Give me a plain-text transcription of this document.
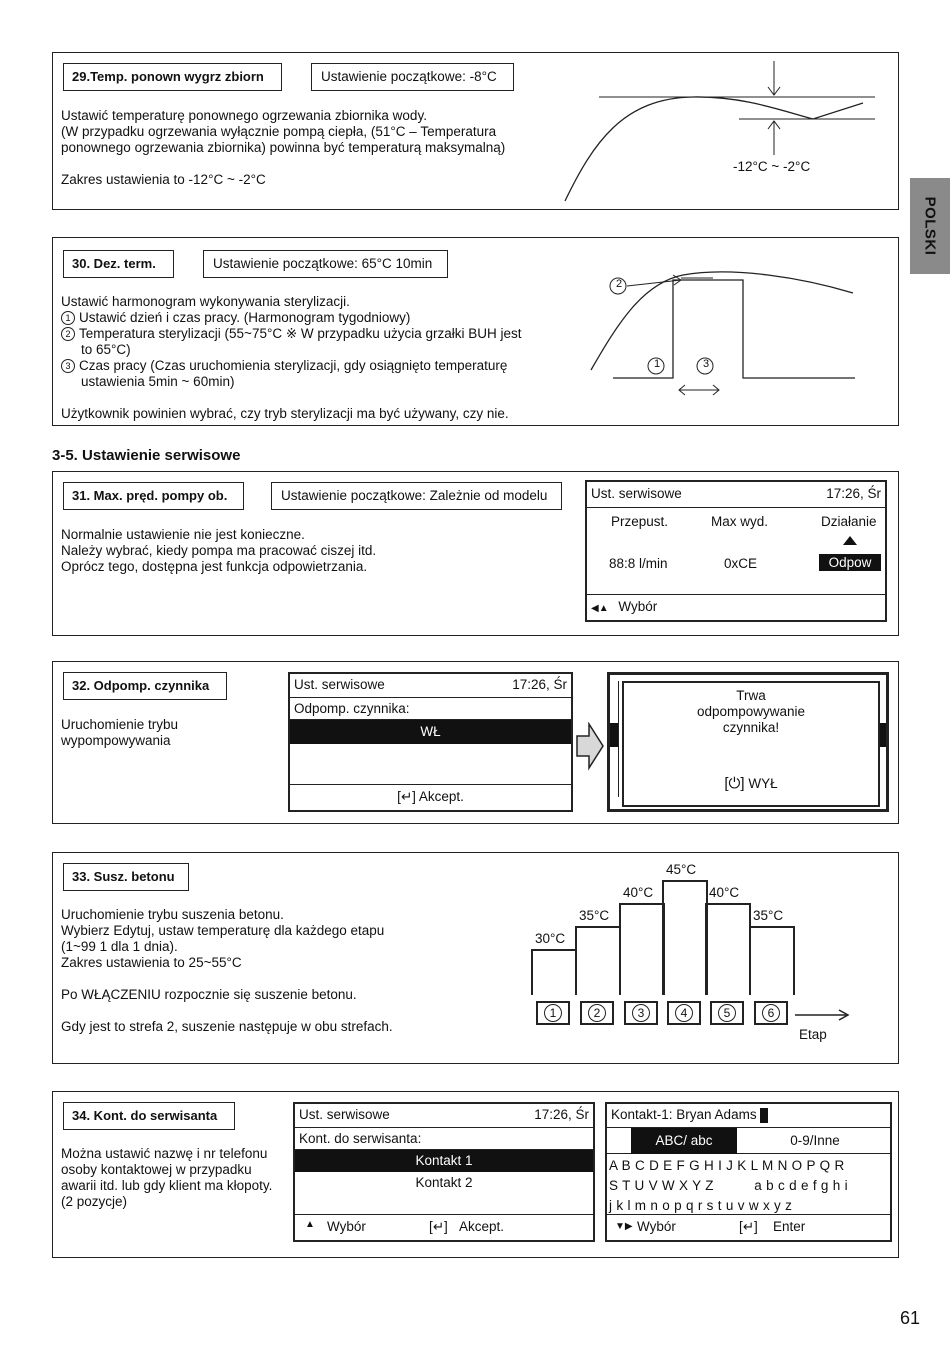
POLSKI
29.Temp. ponown wygrz zbiorn	Ustawienie początkowe: -8°C
Ustawić temperaturę ponownego ogrzewania zbiornika wody.
(W przypadku ogrzewania wyłącznie pompą ciepła, (51°C – Temperatura
ponownego ogrzewania zbiornika) powinna być temperaturą maksymalną)
Zakres ustawienia to -12°C ~ -2°C
-12°C ~ -2°C
30. Dez. term.	Ustawienie początkowe: 65°C 10min
Ustawić harmonogram wykonywania sterylizacji.
1 Ustawić dzień i czas pracy. (Harmonogram tygodniowy)
2 Temperatura sterylizacji (55~75°C ※ W przypadku użycia grzałki BUH jest
to 65°C)
3 Czas pracy (Czas uruchomienia sterylizacji, gdy osiągnięto temperaturę
ustawienia 5min ~ 60min)
Użytkownik powinien wybrać, czy tryb sterylizacji ma być używany, czy nie.
2
1	3
3-5. Ustawienie serwisowe
31. Max. pręd. pompy ob.	Ustawienie początkowe: Zależnie od modelu
Normalnie ustawienie nie jest konieczne.
Należy wybrać, kiedy pompa ma pracować ciszej itd.
Oprócz tego, dostępna jest funkcja odpowietrzania.
Ust. serwisowe	17:26, Śr
Przepust.	Max wyd.	Działanie
88:8 l/min	0xCE	Odpow
◀▲ Wybór
32. Odpomp. czynnika
Uruchomienie trybu
wypompowywania
Ust. serwisowe	17:26, Śr
Odpomp. czynnika:
WŁ
[↵] Akcept.
Trwa
odpompowywanie
czynnika!
[⏻] WYŁ
33. Susz. betonu
Uruchomienie trybu suszenia betonu.
Wybierz Edytuj, ustaw temperaturę dla każdego etapu
(1~99 1 dla 1 dnia).
Zakres ustawienia to 25~55°C
Po WŁĄCZENIU rozpocznie się suszenie betonu.
Gdy jest to strefa 2, suszenie następuje w obu strefach.
Etap
30°C
1
35°C
2
40°C
3
45°C
4
40°C
5
35°C
6
34. Kont. do serwisanta
Można ustawić nazwę i nr telefonu
osoby kontaktowej w przypadku
awarii itd. lub gdy klient ma kłopoty.
(2 pozycje)
Ust. serwisowe	17:26, Śr
Kont. do serwisanta:
Kontakt 1
Kontakt 2
▲ Wybór	[↵] Akcept.
Kontakt-1: Bryan Adams
ABC/ abc	0-9/Inne
A B C D E F G H I J K L M N O P Q R
S T U V W X Y Z          a b c d e f g h i
j k l m n o p q r s t u v w x y z
▼▶ Wybór	[↵] Enter
61
